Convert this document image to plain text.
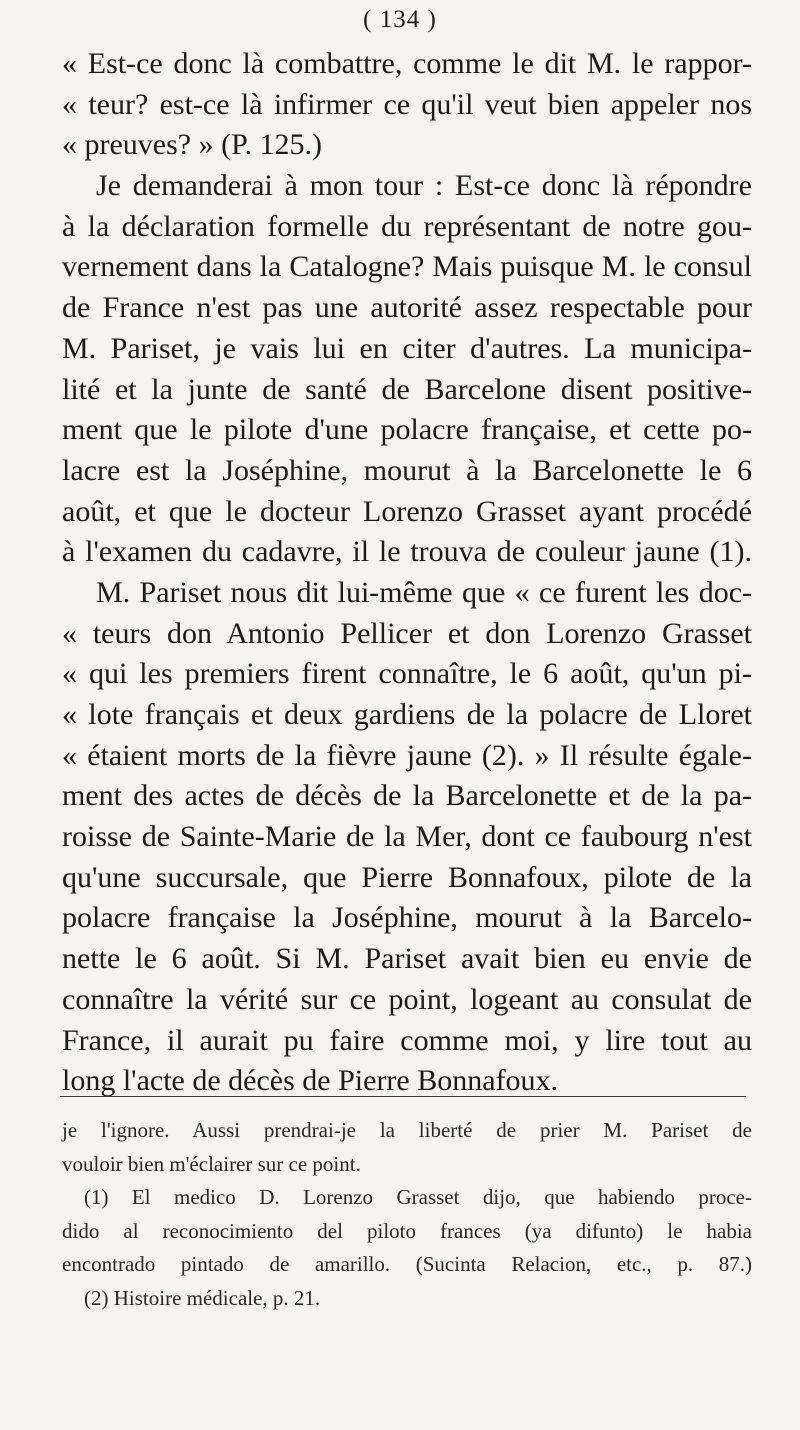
( 134 )
« Est-ce donc là combattre, comme le dit M. le rappor-
« teur? est-ce là infirmer ce qu'il veut bien appeler nos
« preuves? » (P. 125.)
Je demanderai à mon tour : Est-ce donc là répondre
à la déclaration formelle du représentant de notre gou-
vernement dans la Catalogne? Mais puisque M. le consul
de France n'est pas une autorité assez respectable pour
M. Pariset, je vais lui en citer d'autres. La municipa-
lité et la junte de santé de Barcelone disent positive-
ment que le pilote d'une polacre française, et cette po-
lacre est la Joséphine, mourut à la Barcelonette le 6
août, et que le docteur Lorenzo Grasset ayant procédé
à l'examen du cadavre, il le trouva de couleur jaune (1).
M. Pariset nous dit lui-même que « ce furent les doc-
« teurs don Antonio Pellicer et don Lorenzo Grasset
« qui les premiers firent connaître, le 6 août, qu'un pi-
« lote français et deux gardiens de la polacre de Lloret
« étaient morts de la fièvre jaune (2). » Il résulte égale-
ment des actes de décès de la Barcelonette et de la pa-
roisse de Sainte-Marie de la Mer, dont ce faubourg n'est
qu'une succursale, que Pierre Bonnafoux, pilote de la
polacre française la Joséphine, mourut à la Barcelo-
nette le 6 août. Si M. Pariset avait bien eu envie de
connaître la vérité sur ce point, logeant au consulat de
France, il aurait pu faire comme moi, y lire tout au
long l'acte de décès de Pierre Bonnafoux.
je l'ignore. Aussi prendrai-je la liberté de prier M. Pariset de
vouloir bien m'éclairer sur ce point.
(1) El medico D. Lorenzo Grasset dijo, que habiendo proce-
dido al reconocimiento del piloto frances (ya difunto) le habia
encontrado pintado de amarillo. (Sucinta Relacion, etc., p. 87.)
(2) Histoire médicale, p. 21.
